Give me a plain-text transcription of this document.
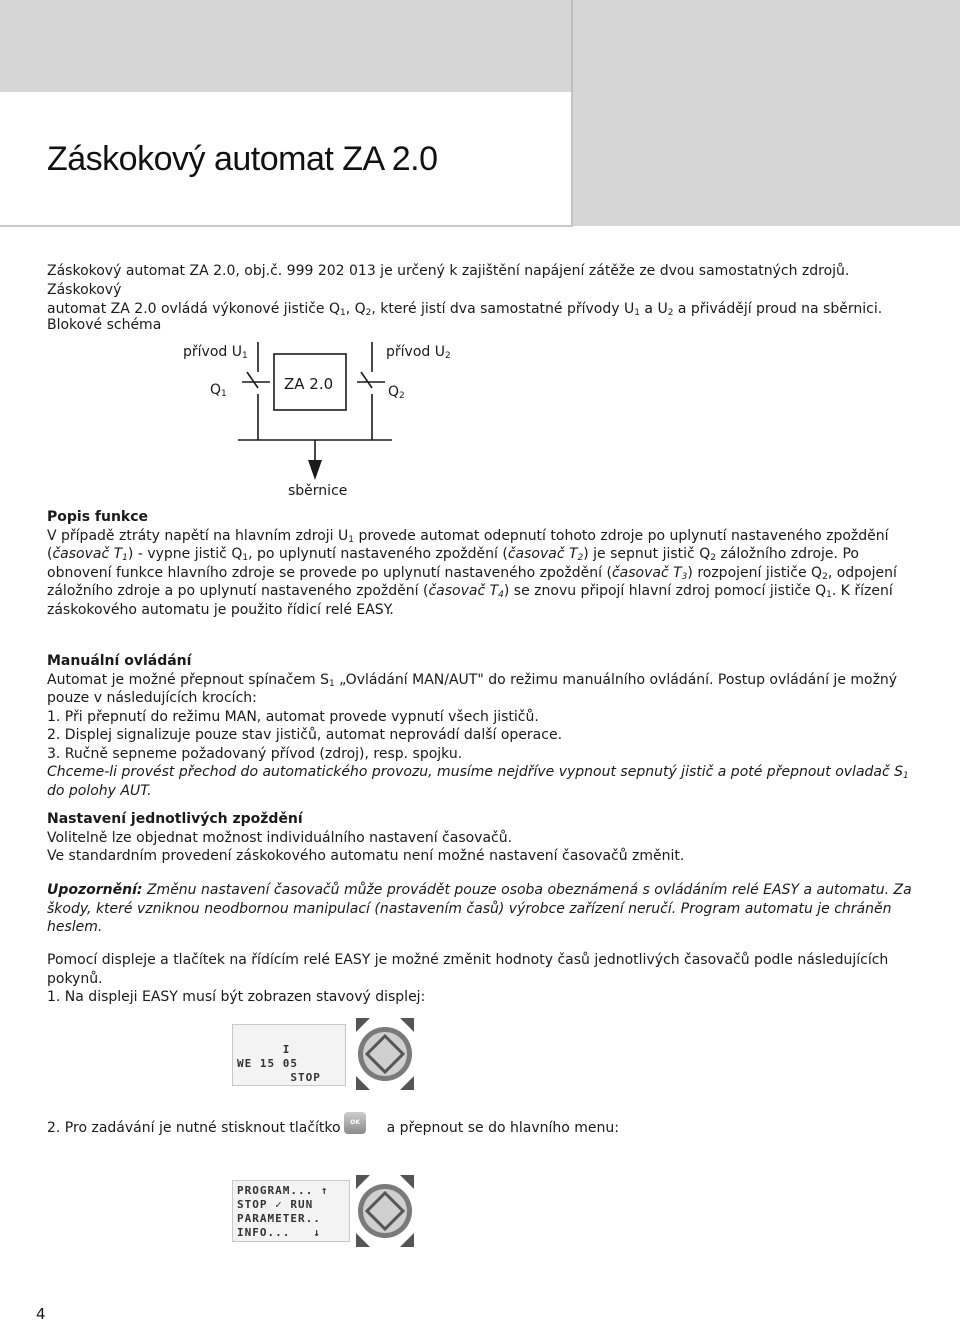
Záskokový automat ZA 2.0

Záskokový automat ZA 2.0, obj.č. 999 202 013 je určený k zajištění napájení zátěže ze dvou samostatných zdrojů. Záskokový
automat ZA 2.0 ovládá výkonové jističe $Q_1$, $Q_2$, které jistí dva samostatné přívody $U_1$ a $U_2$ a přivádějí proud na sběrnici.

Blokové schéma

přívod $U_1$	přívod $U_2$
$Q_1$	$Q_2$
ZA 2.0
sběrnice

Popis funkce

V případě ztráty napětí na hlavním zdroji $U_1$ provede automat odepnutí tohoto zdroje po uplynutí nastaveného zpoždění (časovač $T_1$) - vypne jistič $Q_1$, po uplynutí nastaveného zpoždění (časovač $T_2$) je sepnut jistič $Q_2$ záložního zdroje. Po obnovení funkce hlavního zdroje se provede po uplynutí nastaveného zpoždění (časovač $T_3$) rozpojení jističe $Q_2$, odpojení záložního zdroje a po uplynutí nastaveného zpoždění (časovač $T_4$) se znovu připojí hlavní zdroj pomocí jističe $Q_1$. K řízení záskokového automatu je použito řídicí relé EASY.

Manuální ovládání

Automat je možné přepnout spínačem $S_1$ „Ovládání MAN/AUT" do režimu manuálního ovládání. Postup ovládání je možný pouze v následujících krocích:

1. Při přepnutí do režimu MAN, automat provede vypnutí všech jističů.

2. Displej signalizuje pouze stav jističů, automat neprovádí další operace.

3. Ručně sepneme požadovaný přívod (zdroj), resp. spojku.

Chceme-li provést přechod do automatického provozu, musíme nejdříve vypnout sepnutý jistič a poté přepnout ovladač $S_1$ do polohy AUT.

Nastavení jednotlivých zpoždění

Volitelně lze objednat možnost individuálního nastavení časovačů.

Ve standardním provedení záskokového automatu není možné nastavení časovačů změnit.

Upozornění: Změnu nastavení časovačů může provádět pouze osoba obeznámená s ovládáním relé EASY a automatu. Za škody, které vzniknou neodbornou manipulací (nastavením časů) výrobce zařízení neručí. Program automatu je chráněn heslem.

Pomocí displeje a tlačítek na řídícím relé EASY je možné změnit hodnoty časů jednotlivých časovačů podle následujících pokynů.

1. Na displeji EASY musí být zobrazen stavový displej:

I
WE 15 05
STOP

2. Pro zadávání je nutné stisknout tlačítko	a přepnout se do hlavního menu:

OK
PROGRAM... ↑
STOP ✓ RUN
PARAMETER..
INFO...   ↓
4
